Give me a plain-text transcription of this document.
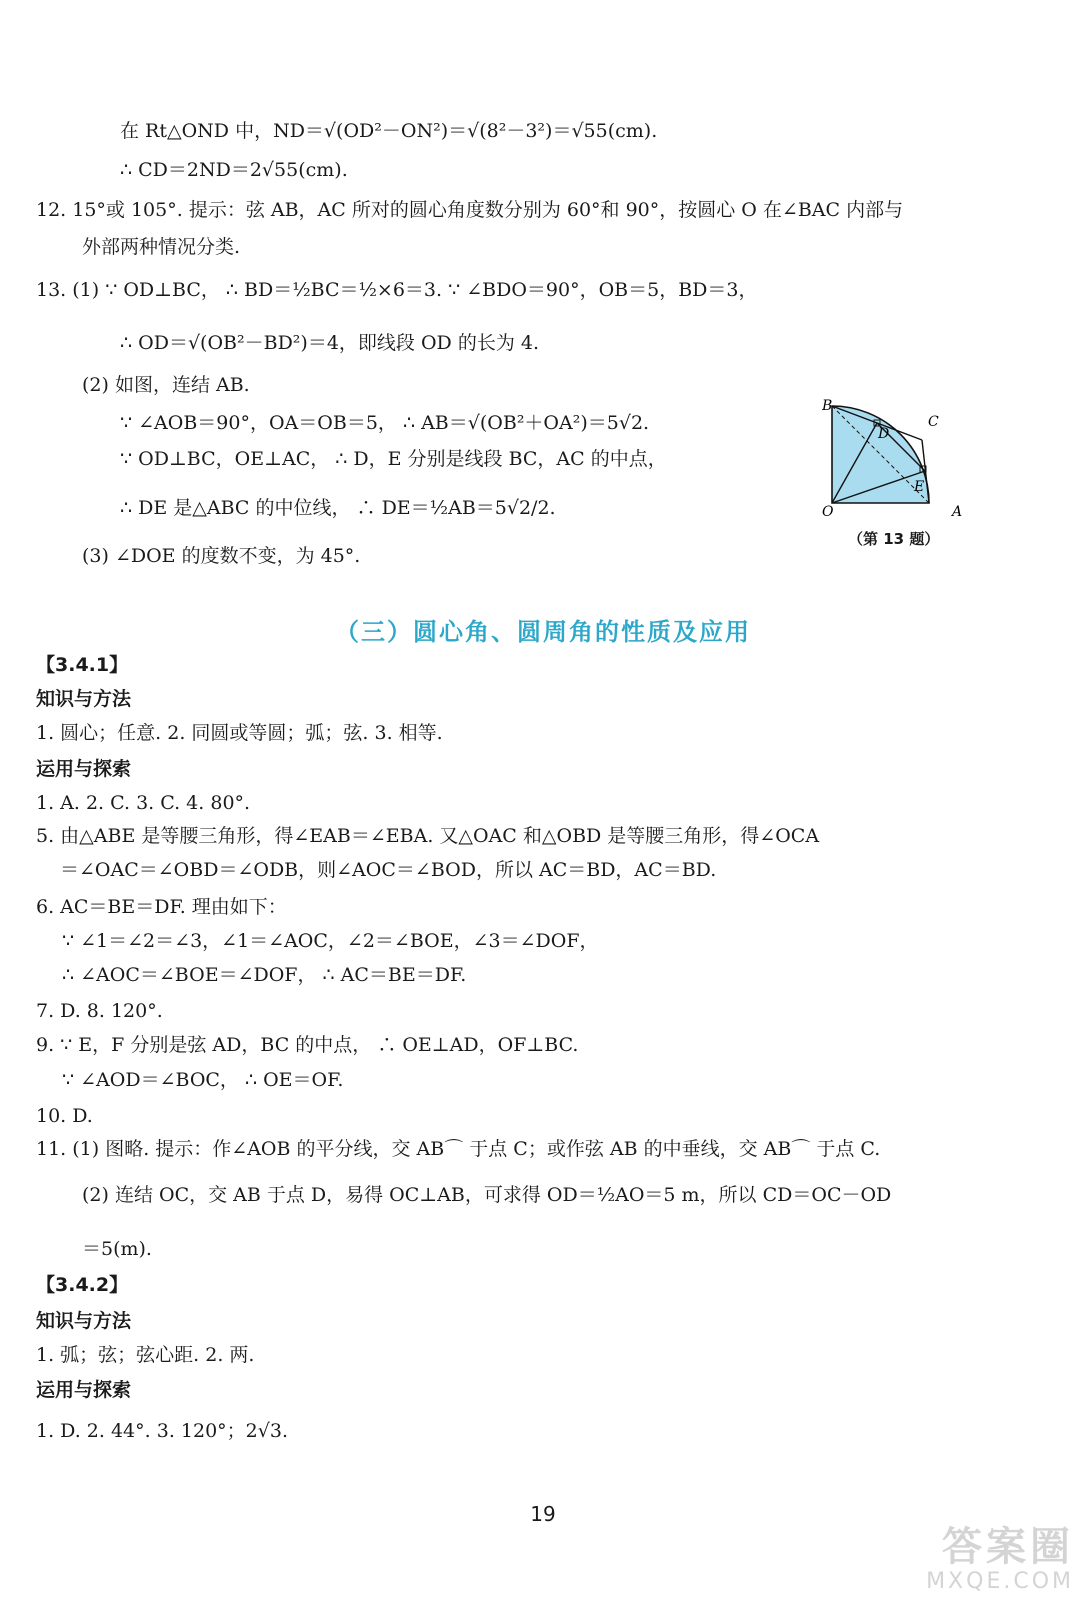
在 Rt△OND 中，ND＝√(OD²－ON²)＝√(8²－3²)＝√55(cm).
∴ CD＝2ND＝2√55(cm).
12. 15°或 105°. 提示：弦 AB，AC 所对的圆心角度数分别为 60°和 90°，按圆心 O 在∠BAC 内部与
外部两种情况分类.
13. (1) ∵ OD⊥BC， ∴ BD＝½BC＝½×6＝3. ∵ ∠BDO＝90°，OB＝5，BD＝3，
∴ OD＝√(OB²－BD²)＝4，即线段 OD 的长为 4.
(2) 如图，连结 AB.
∵ ∠AOB＝90°，OA＝OB＝5， ∴ AB＝√(OB²＋OA²)＝5√2.
∵ OD⊥BC，OE⊥AC， ∴ D，E 分别是线段 BC，AC 的中点，
∴ DE 是△ABC 的中位线， ∴ DE＝½AB＝5√2/2.
(3) ∠DOE 的度数不变，为 45°.
B
C
D
E
O	A
（第 13 题）
（三）圆心角、圆周角的性质及应用
【3.4.1】
知识与方法
1. 圆心；任意. 2. 同圆或等圆；弧；弦. 3. 相等.
运用与探索
1. A. 2. C. 3. C. 4. 80°.
5. 由△ABE 是等腰三角形，得∠EAB＝∠EBA. 又△OAC 和△OBD 是等腰三角形，得∠OCA
＝∠OAC＝∠OBD＝∠ODB，则∠AOC＝∠BOD，所以 AC＝BD，AC＝BD.
6. AC＝BE＝DF. 理由如下：
∵ ∠1＝∠2＝∠3，∠1＝∠AOC，∠2＝∠BOE，∠3＝∠DOF，
∴ ∠AOC＝∠BOE＝∠DOF， ∴ AC＝BE＝DF.
7. D. 8. 120°.
9. ∵ E，F 分别是弦 AD，BC 的中点， ∴ OE⊥AD，OF⊥BC.
∵ ∠AOD＝∠BOC， ∴ OE＝OF.
10. D.
11. (1) 图略. 提示：作∠AOB 的平分线，交 AB⌒ 于点 C；或作弦 AB 的中垂线，交 AB⌒ 于点 C.
(2) 连结 OC，交 AB 于点 D，易得 OC⊥AB，可求得 OD＝½AO＝5 m，所以 CD＝OC－OD
＝5(m).
【3.4.2】
知识与方法
1. 弧；弦；弦心距. 2. 两.
运用与探索
1. D. 2. 44°. 3. 120°；2√3.
19
答案圈
MXQE.COM
